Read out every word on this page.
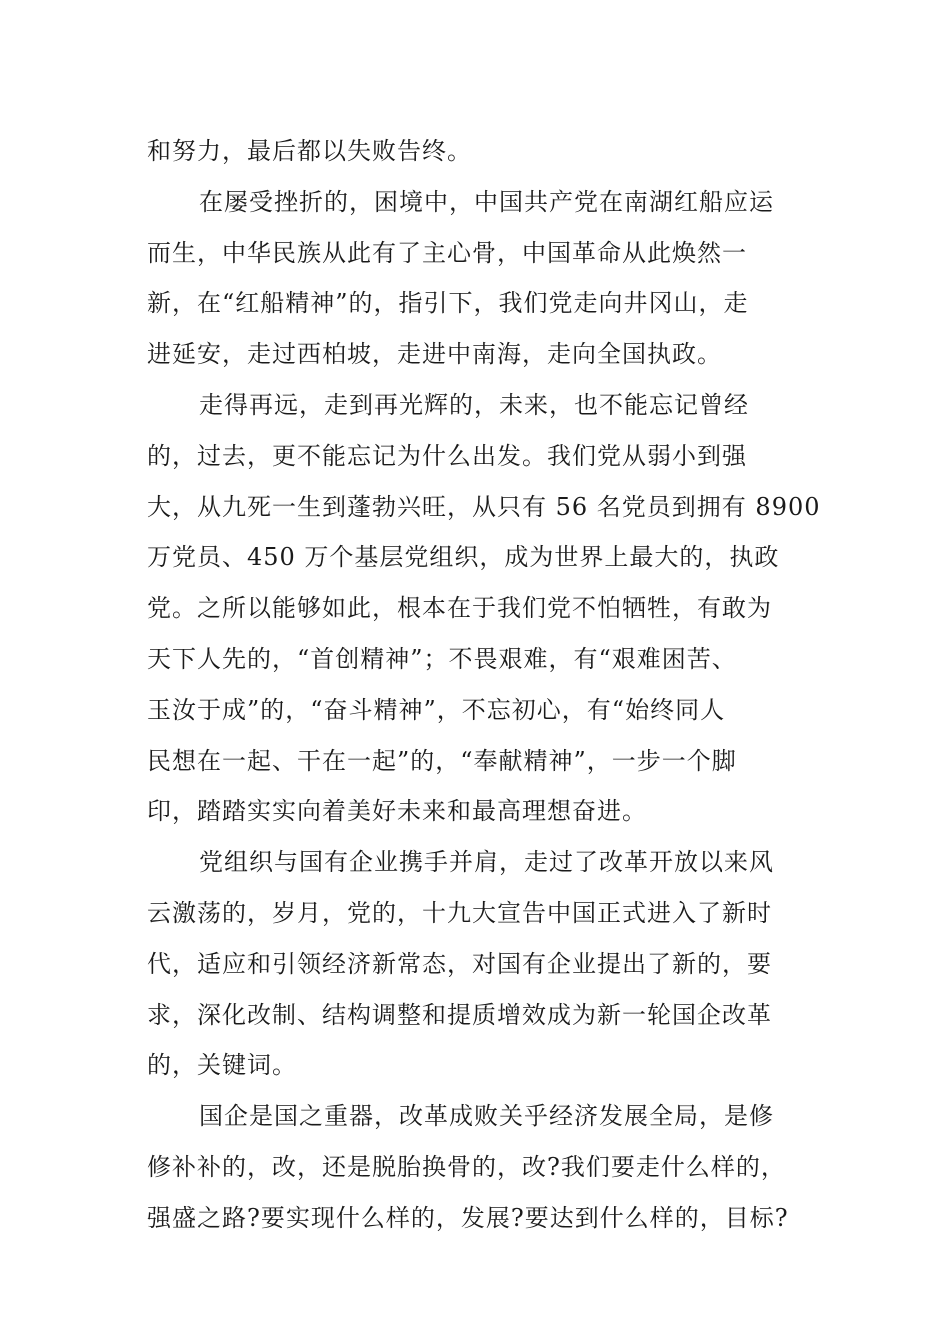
和努力，最后都以失败告终。
在屡受挫折的，困境中，中国共产党在南湖红船应运
而生，中华民族从此有了主心骨，中国革命从此焕然一
新，在“红船精神”的，指引下，我们党走向井冈山，走
进延安，走过西柏坡，走进中南海，走向全国执政。
走得再远，走到再光辉的，未来，也不能忘记曾经
的，过去，更不能忘记为什么出发。我们党从弱小到强
大，从九死一生到蓬勃兴旺，从只有 56 名党员到拥有 8900
万党员、450 万个基层党组织，成为世界上最大的，执政
党。之所以能够如此，根本在于我们党不怕牺牲，有敢为
天下人先的，“首创精神”；不畏艰难，有“艰难困苦、
玉汝于成”的，“奋斗精神”，不忘初心，有“始终同人
民想在一起、干在一起”的，“奉献精神”，一步一个脚
印，踏踏实实向着美好未来和最高理想奋进。
党组织与国有企业携手并肩，走过了改革开放以来风
云激荡的，岁月，党的，十九大宣告中国正式进入了新时
代，适应和引领经济新常态，对国有企业提出了新的，要
求，深化改制、结构调整和提质增效成为新一轮国企改革
的，关键词。
国企是国之重器，改革成败关乎经济发展全局，是修
修补补的，改，还是脱胎换骨的，改?我们要走什么样的，
强盛之路?要实现什么样的，发展?要达到什么样的，目标?
